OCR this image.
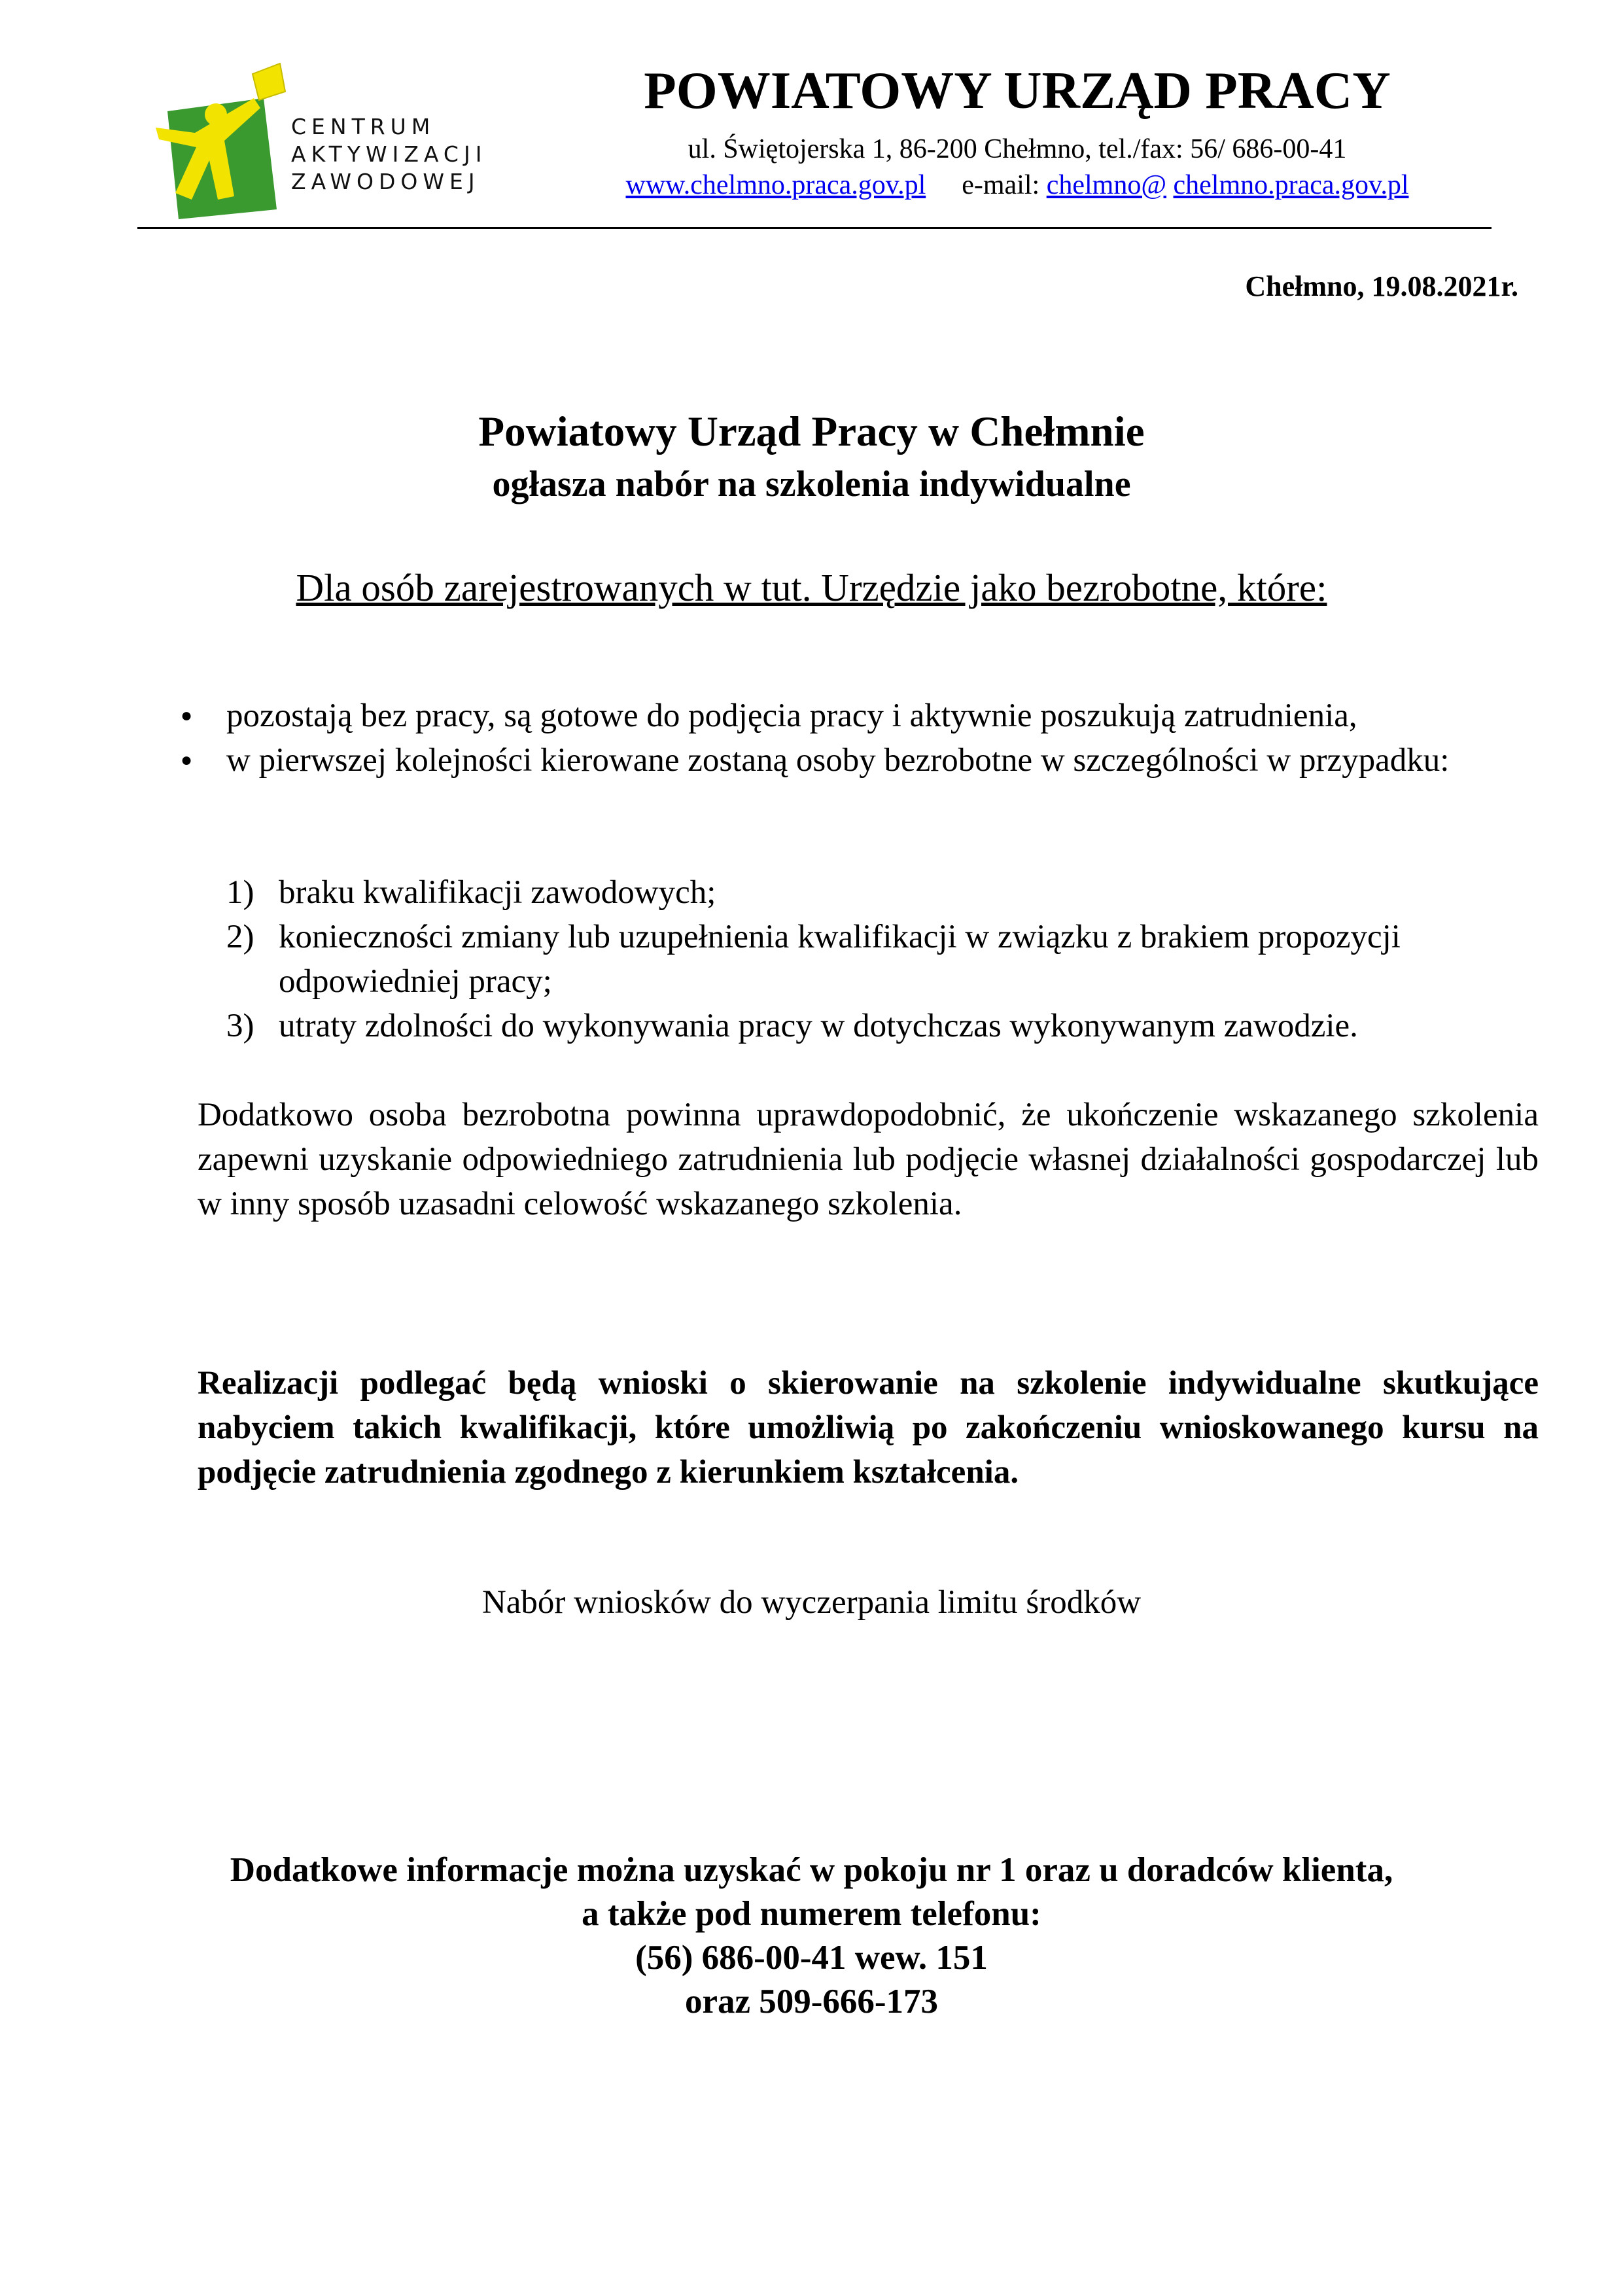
CENTRUM
AKTYWIZACJI
ZAWODOWEJ
POWIATOWY URZĄD PRACY
ul. Świętojerska 1, 86-200 Chełmno, tel./fax: 56/ 686-00-41
www.chelmno.praca.gov.pl e-mail: chelmno@ chelmno.praca.gov.pl
Chełmno, 19.08.2021r.
Powiatowy Urząd Pracy w Chełmnie
ogłasza nabór na szkolenia indywidualne
Dla osób zarejestrowanych w tut. Urzędzie jako bezrobotne, które:
● pozostają bez pracy, są gotowe do podjęcia pracy i aktywnie poszukują zatrudnienia,
● w pierwszej kolejności kierowane zostaną osoby bezrobotne w szczególności w przypadku:
1) braku kwalifikacji zawodowych;
2) konieczności zmiany lub uzupełnienia kwalifikacji w związku z brakiem propozycji odpowiedniej pracy;
3) utraty zdolności do wykonywania pracy w dotychczas wykonywanym zawodzie.
Dodatkowo osoba bezrobotna powinna uprawdopodobnić, że ukończenie wskazanego szkolenia zapewni uzyskanie odpowiedniego zatrudnienia lub podjęcie własnej działalności gospodarczej lub w inny sposób uzasadni celowość wskazanego szkolenia.
Realizacji podlegać będą wnioski o skierowanie na szkolenie indywidualne skutkujące nabyciem takich kwalifikacji, które umożliwią po zakończeniu wnioskowanego kursu na podjęcie zatrudnienia zgodnego z kierunkiem kształcenia.
Nabór wniosków do wyczerpania limitu środków
Dodatkowe informacje można uzyskać w pokoju nr 1 oraz u doradców klienta,
a także pod numerem telefonu:
(56) 686-00-41 wew. 151
oraz 509-666-173
